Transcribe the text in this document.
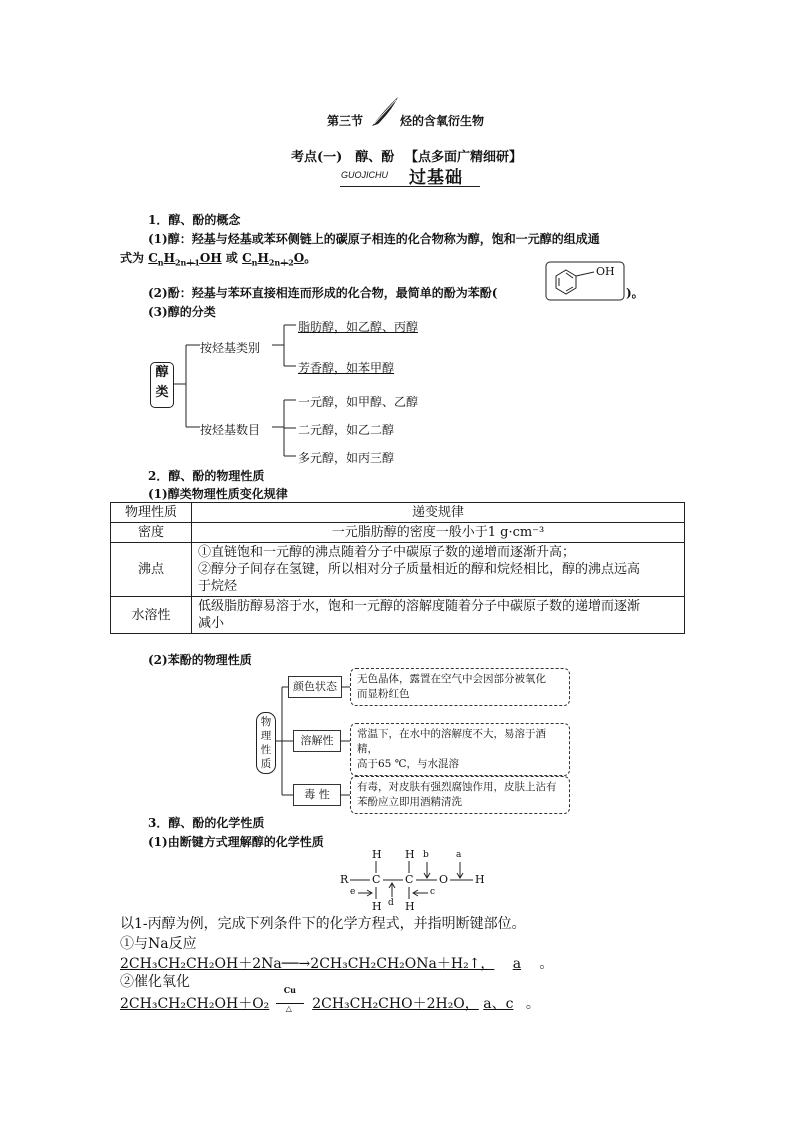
第三节	烃的含氧衍生物
考点(一)　醇、酚 【点多面广精细研】
GUOJICHU 过基础
1．醇、酚的概念
(1)醇：羟基与烃基或苯环侧链上的碳原子相连的化合物称为醇，饱和一元醇的组成通
式为 $C_nH_{2n+1}OH$ 或 $C_nH_{2n+2}O$。
(2)酚：羟基与苯环直接相连而形成的化合物，最简单的酚为苯酚(	)。
OH
(3)醇的分类
醇类
按烃基类别
脂肪醇，如乙醇、丙醇
芳香醇，如苯甲醇
按烃基数目
一元醇，如甲醇、乙醇
二元醇，如乙二醇
多元醇，如丙三醇
2．醇、酚的物理性质
(1)醇类物理性质变化规律
物理性质	递变规律
密度	一元脂肪醇的密度一般小于1 g·cm⁻³
沸点	①直链饱和一元醇的沸点随着分子中碳原子数的递增而逐渐升高；
②醇分子间存在氢键，所以相对分子质量相近的醇和烷烃相比，醇的沸点远高
于烷烃

水溶性	低级脂肪醇易溶于水，饱和一元醇的溶解度随着分子中碳原子数的递增而逐渐
减小
(2)苯酚的物理性质
物理性质
颜色状态
无色晶体，露置在空气中会因部分被氧化
而显粉红色
溶解性	常温下，在水中的溶解度不大，易溶于酒精，
高于65 ℃，与水混溶
毒 性
有毒，对皮肤有强烈腐蚀作用，皮肤上沾有
苯酚应立即用酒精清洗
3．醇、酚的化学性质
(1)由断键方式理解醇的化学性质
R C C O H
H H
H H
b	a
c
d
e
以1-丙醇为例，完成下列条件下的化学方程式，并指明断键部位。
①与Na反应
2CH₃CH₂CH₂OH＋2Na──→2CH₃CH₂CH₂ONa＋H₂↑， a 。
②催化氧化
2CH₃CH₂CH₂OH＋O₂
Cu
△ 2CH₃CH₂CHO＋2H₂O， a、c 。
